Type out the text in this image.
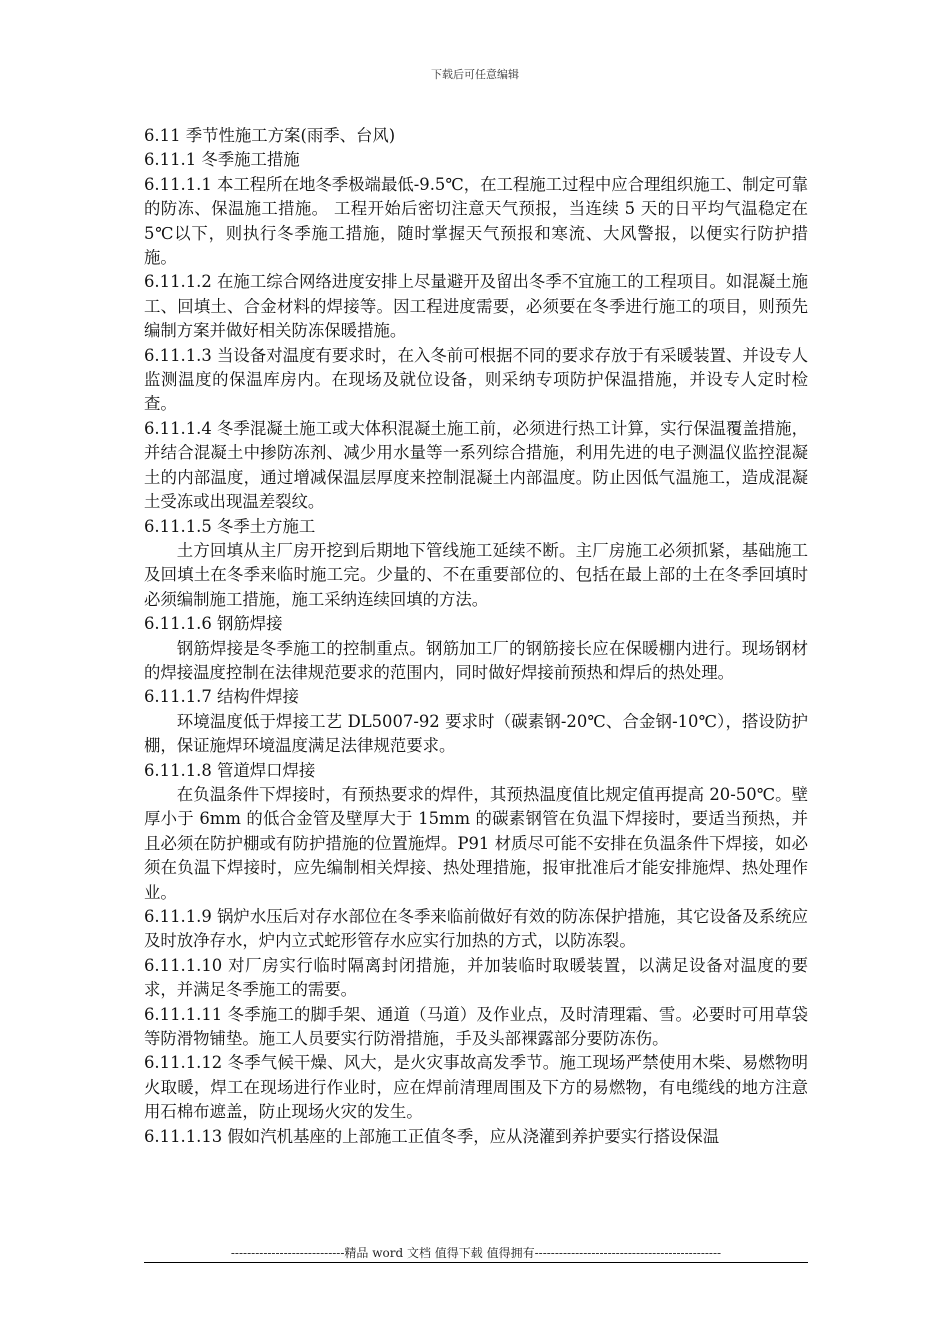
下载后可任意编辑

6.11 季节性施工方案(雨季、台风)

6.11.1 冬季施工措施

6.11.1.1 本工程所在地冬季极端最低-9.5℃，在工程施工过程中应合理组织施工、制定可靠的防冻、保温施工措施。 工程开始后密切注意天气预报，当连续 5 天的日平均气温稳定在 5℃以下，则执行冬季施工措施，随时掌握天气预报和寒流、大风警报，以便实行防护措施。

6.11.1.2 在施工综合网络进度安排上尽量避开及留出冬季不宜施工的工程项目。如混凝土施工、回填土、合金材料的焊接等。因工程进度需要，必须要在冬季进行施工的项目，则预先编制方案并做好相关防冻保暖措施。

6.11.1.3 当设备对温度有要求时，在入冬前可根据不同的要求存放于有采暖装置、并设专人监测温度的保温库房内。在现场及就位设备，则采纳专项防护保温措施，并设专人定时检查。

6.11.1.4 冬季混凝土施工或大体积混凝土施工前，必须进行热工计算，实行保温覆盖措施，并结合混凝土中掺防冻剂、减少用水量等一系列综合措施，利用先进的电子测温仪监控混凝土的内部温度，通过增减保温层厚度来控制混凝土内部温度。防止因低气温施工，造成混凝土受冻或出现温差裂纹。

6.11.1.5 冬季土方施工

土方回填从主厂房开挖到后期地下管线施工延续不断。主厂房施工必须抓紧，基础施工及回填土在冬季来临时施工完。少量的、不在重要部位的、包括在最上部的土在冬季回填时必须编制施工措施，施工采纳连续回填的方法。

6.11.1.6 钢筋焊接

钢筋焊接是冬季施工的控制重点。钢筋加工厂的钢筋接长应在保暖棚内进行。现场钢材的焊接温度控制在法律规范要求的范围内，同时做好焊接前预热和焊后的热处理。

6.11.1.7 结构件焊接

环境温度低于焊接工艺 DL5007-92 要求时（碳素钢-20℃、合金钢-10℃），搭设防护棚，保证施焊环境温度满足法律规范要求。

6.11.1.8 管道焊口焊接

在负温条件下焊接时，有预热要求的焊件，其预热温度值比规定值再提高 20-50℃。壁厚小于 6mm 的低合金管及壁厚大于 15mm 的碳素钢管在负温下焊接时，要适当预热，并且必须在防护棚或有防护措施的位置施焊。P91 材质尽可能不安排在负温条件下焊接，如必须在负温下焊接时，应先编制相关焊接、热处理措施，报审批准后才能安排施焊、热处理作业。

6.11.1.9 锅炉水压后对存水部位在冬季来临前做好有效的防冻保护措施，其它设备及系统应及时放净存水，炉内立式蛇形管存水应实行加热的方式，以防冻裂。

6.11.1.10 对厂房实行临时隔离封闭措施，并加装临时取暖装置，以满足设备对温度的要求，并满足冬季施工的需要。

6.11.1.11 冬季施工的脚手架、通道（马道）及作业点，及时清理霜、雪。必要时可用草袋等防滑物铺垫。施工人员要实行防滑措施，手及头部裸露部分要防冻伤。

6.11.1.12 冬季气候干燥、风大，是火灾事故高发季节。施工现场严禁使用木柴、易燃物明火取暖，焊工在现场进行作业时，应在焊前清理周围及下方的易燃物，有电缆线的地方注意用石棉布遮盖，防止现场火灾的发生。

6.11.1.13 假如汽机基座的上部施工正值冬季，应从浇灌到养护要实行搭设保温

----------------------------精品 word 文档 值得下载 值得拥有----------------------------------------------
